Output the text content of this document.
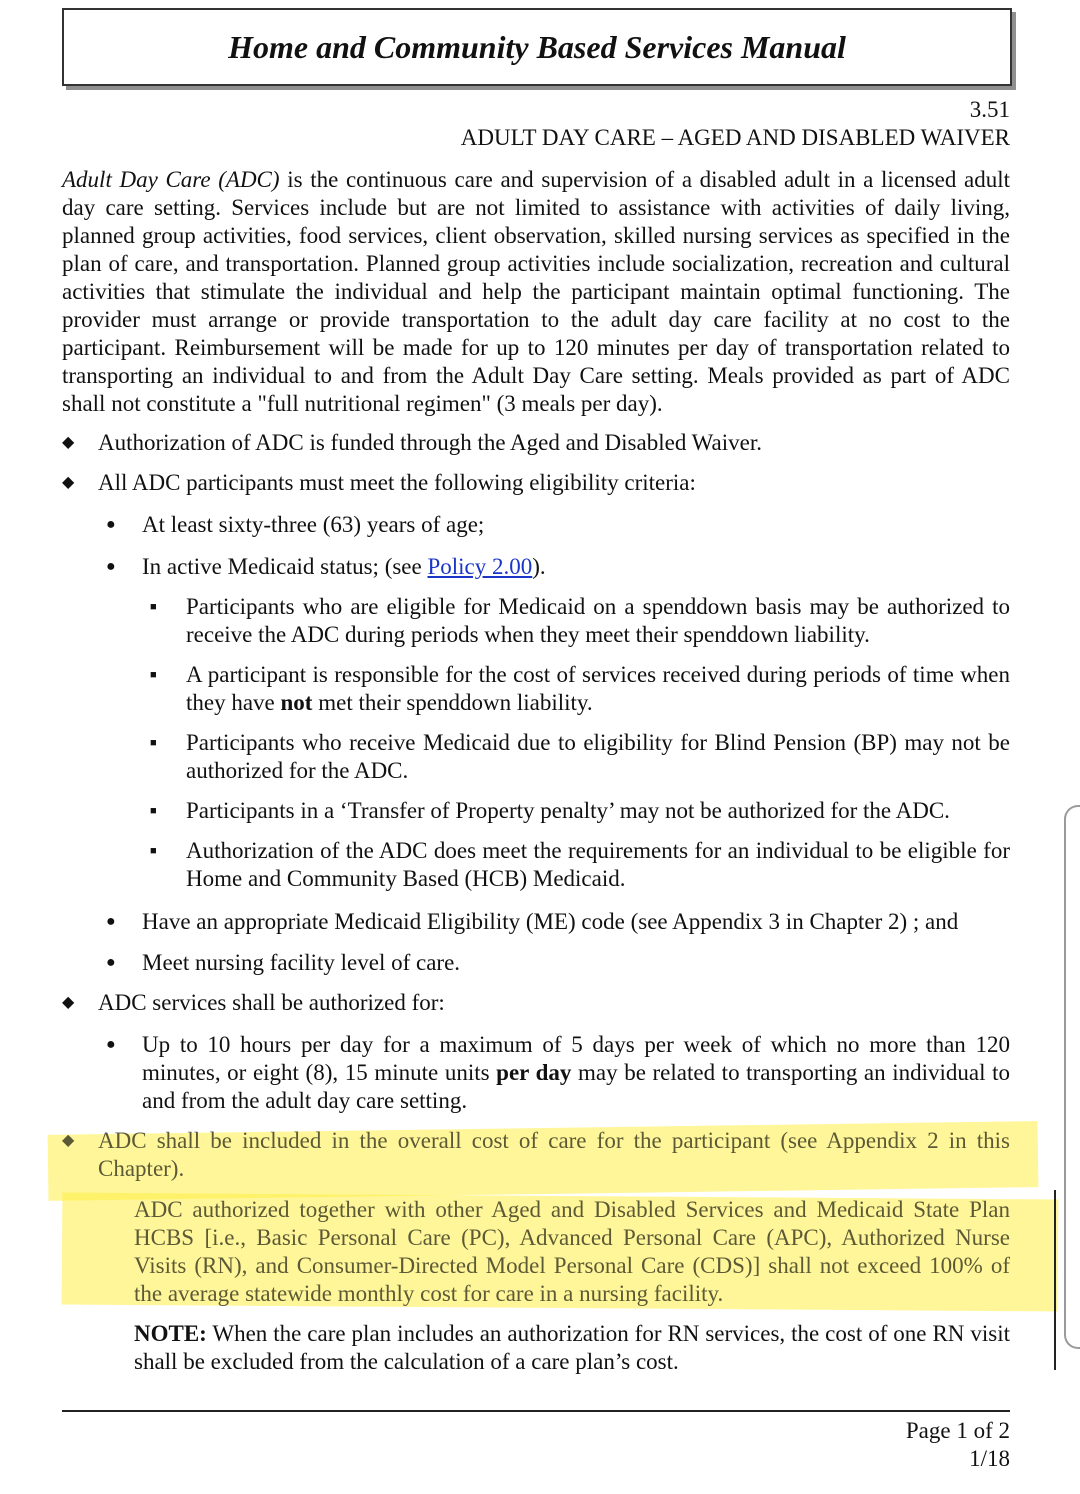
Home and Community Based Services Manual
3.51
ADULT DAY CARE – AGED AND DISABLED WAIVER

Adult Day Care (ADC) is the continuous care and supervision of a disabled adult in a licensed adult day care setting. Services include but are not limited to assistance with activities of daily living, planned group activities, food services, client observation, skilled nursing services as specified in the plan of care, and transportation. Planned group activities include socialization, recreation and cultural activities that stimulate the individual and help the participant maintain optimal functioning. The provider must arrange or provide transportation to the adult day care facility at no cost to the participant. Reimbursement will be made for up to 120 minutes per day of transportation related to transporting an individual to and from the Adult Day Care setting. Meals provided as part of ADC shall not constitute a "full nutritional regimen" (3 meals per day).

◆ Authorization of ADC is funded through the Aged and Disabled Waiver.

◆ All ADC participants must meet the following eligibility criteria:

● At least sixty-three (63) years of age;

● In active Medicaid status; (see Policy 2.00).

■ Participants who are eligible for Medicaid on a spenddown basis may be authorized to receive the ADC during periods when they meet their spenddown liability.

■ A participant is responsible for the cost of services received during periods of time when they have not met their spenddown liability.

■ Participants who receive Medicaid due to eligibility for Blind Pension (BP) may not be authorized for the ADC.

■ Participants in a ‘Transfer of Property penalty’ may not be authorized for the ADC.

■ Authorization of the ADC does meet the requirements for an individual to be eligible for Home and Community Based (HCB) Medicaid.

● Have an appropriate Medicaid Eligibility (ME) code (see Appendix 3 in Chapter 2) ; and

● Meet nursing facility level of care.

◆ ADC services shall be authorized for:

● Up to 10 hours per day for a maximum of 5 days per week of which no more than 120 minutes, or eight (8), 15 minute units per day may be related to transporting an individual to and from the adult day care setting.

◆ ADC shall be included in the overall cost of care for the participant (see Appendix 2 in this Chapter).

ADC authorized together with other Aged and Disabled Services and Medicaid State Plan HCBS [i.e., Basic Personal Care (PC), Advanced Personal Care (APC), Authorized Nurse Visits (RN), and Consumer-Directed Model Personal Care (CDS)] shall not exceed 100% of the average statewide monthly cost for care in a nursing facility.

NOTE: When the care plan includes an authorization for RN services, the cost of one RN visit shall be excluded from the calculation of a care plan’s cost.

Page 1 of 2
1/18
